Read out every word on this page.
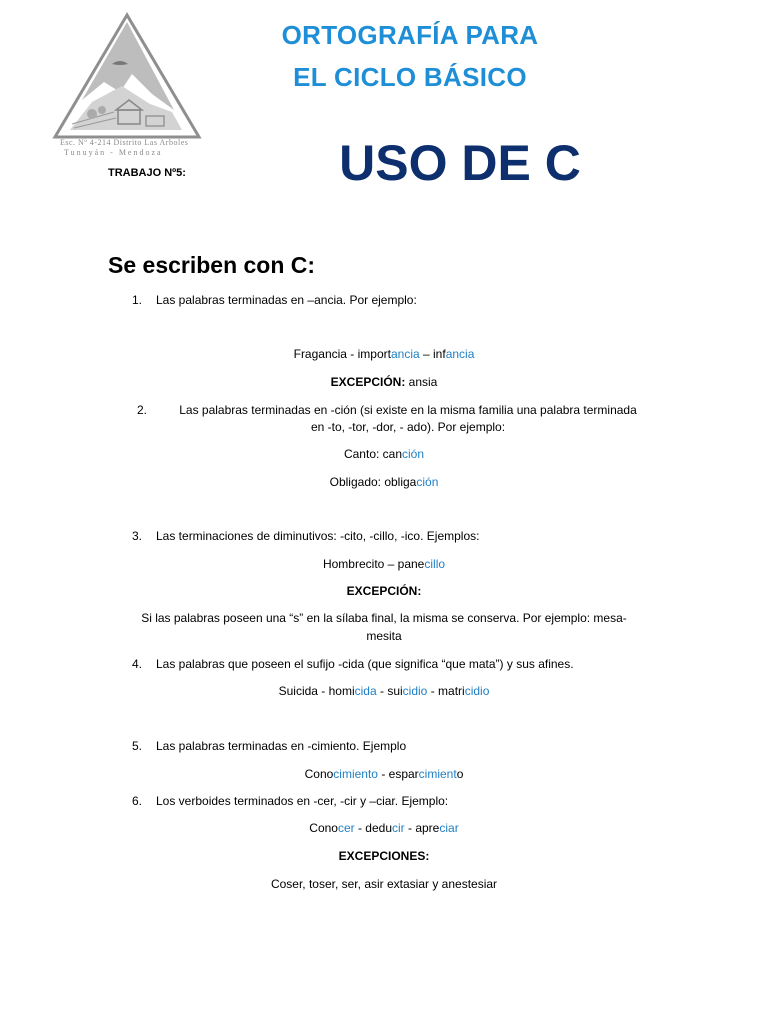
Esc. Nº 4-214 Distrito Las Arboles
Tunuyán - Mendoza
ORTOGRAFÍA PARA
EL CICLO BÁSICO
USO DE C
TRABAJO Nº5:
Se escriben con C:
1. Las palabras terminadas en –ancia. Por ejemplo:
Fragancia - importancia – infancia
EXCEPCIÓN: ansia
2.	Las palabras terminadas en -ción (si existe en la misma familia una palabra terminada
en -to, -tor, -dor, - ado). Por ejemplo:
Canto: canción
Obligado: obligación
3. Las terminaciones de diminutivos: -cito, -cillo, -ico. Ejemplos:
Hombrecito – panecillo
EXCEPCIÓN:
Si las palabras poseen una “s” en la sílaba final, la misma se conserva. Por ejemplo: mesa-
mesita
4. Las palabras que poseen el sufijo -cida (que significa “que mata”) y sus afines.
Suicida - homicida - suicidio - matricidio
5. Las palabras terminadas en -cimiento. Ejemplo
Conocimiento - esparcimiento
6. Los verboides terminados en -cer, -cir y –ciar. Ejemplo:
Conocer - deducir - apreciar
EXCEPCIONES:
Coser, toser, ser, asir extasiar y anestesiar
